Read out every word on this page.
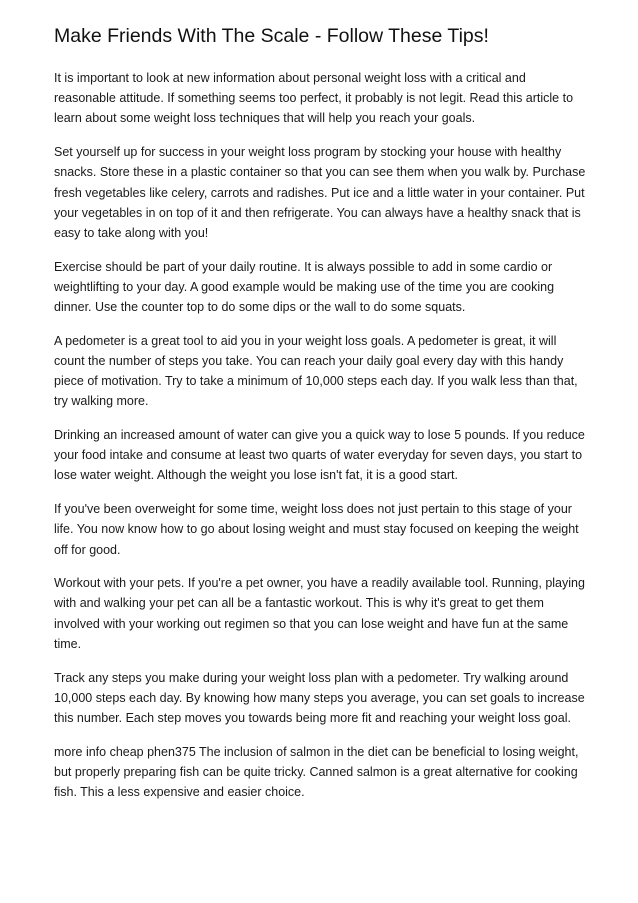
Make Friends With The Scale - Follow These Tips!

It is important to look at new information about personal weight loss with a critical and reasonable attitude. If something seems too perfect, it probably is not legit. Read this article to learn about some weight loss techniques that will help you reach your goals.

Set yourself up for success in your weight loss program by stocking your house with healthy snacks. Store these in a plastic container so that you can see them when you walk by. Purchase fresh vegetables like celery, carrots and radishes. Put ice and a little water in your container. Put your vegetables in on top of it and then refrigerate. You can always have a healthy snack that is easy to take along with you!

Exercise should be part of your daily routine. It is always possible to add in some cardio or weightlifting to your day. A good example would be making use of the time you are cooking dinner. Use the counter top to do some dips or the wall to do some squats.

A pedometer is a great tool to aid you in your weight loss goals. A pedometer is great, it will count the number of steps you take. You can reach your daily goal every day with this handy piece of motivation. Try to take a minimum of 10,000 steps each day. If you walk less than that, try walking more.

Drinking an increased amount of water can give you a quick way to lose 5 pounds. If you reduce your food intake and consume at least two quarts of water everyday for seven days, you start to lose water weight. Although the weight you lose isn't fat, it is a good start.

If you've been overweight for some time, weight loss does not just pertain to this stage of your life. You now know how to go about losing weight and must stay focused on keeping the weight off for good.

Workout with your pets. If you're a pet owner, you have a readily available tool. Running, playing with and walking your pet can all be a fantastic workout. This is why it's great to get them involved with your working out regimen so that you can lose weight and have fun at the same time.

Track any steps you make during your weight loss plan with a pedometer. Try walking around 10,000 steps each day. By knowing how many steps you average, you can set goals to increase this number. Each step moves you towards being more fit and reaching your weight loss goal.

more info cheap phen375 The inclusion of salmon in the diet can be beneficial to losing weight, but properly preparing fish can be quite tricky. Canned salmon is a great alternative for cooking fish. This a less expensive and easier choice.
